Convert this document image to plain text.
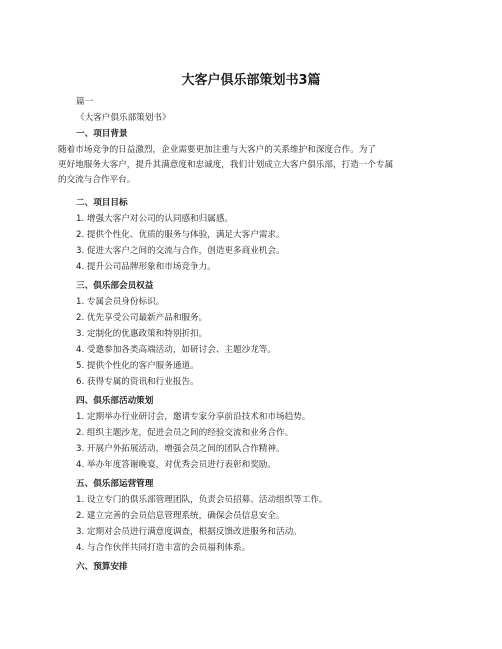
大客户俱乐部策划书3篇
篇一
《大客户俱乐部策划书》
一、项目背景
随着市场竞争的日益激烈，企业需要更加注重与大客户的关系维护和深度合作。为了
更好地服务大客户，提升其满意度和忠诚度，我们计划成立大客户俱乐部，打造一个专属
的交流与合作平台。
二、项目目标
1. 增强大客户对公司的认同感和归属感。
2. 提供个性化、优质的服务与体验，满足大客户需求。
3. 促进大客户之间的交流与合作，创造更多商业机会。
4. 提升公司品牌形象和市场竞争力。
三、俱乐部会员权益
1. 专属会员身份标识。
2. 优先享受公司最新产品和服务。
3. 定制化的优惠政策和特别折扣。
4. 受邀参加各类高端活动，如研讨会、主题沙龙等。
5. 提供个性化的客户服务通道。
6. 获得专属的资讯和行业报告。
四、俱乐部活动策划
1. 定期举办行业研讨会，邀请专家分享前沿技术和市场趋势。
2. 组织主题沙龙，促进会员之间的经验交流和业务合作。
3. 开展户外拓展活动，增强会员之间的团队合作精神。
4. 举办年度答谢晚宴，对优秀会员进行表彰和奖励。
五、俱乐部运营管理
1. 设立专门的俱乐部管理团队，负责会员招募、活动组织等工作。
2. 建立完善的会员信息管理系统，确保会员信息安全。
3. 定期对会员进行满意度调查，根据反馈改进服务和活动。
4. 与合作伙伴共同打造丰富的会员福利体系。
六、预算安排
